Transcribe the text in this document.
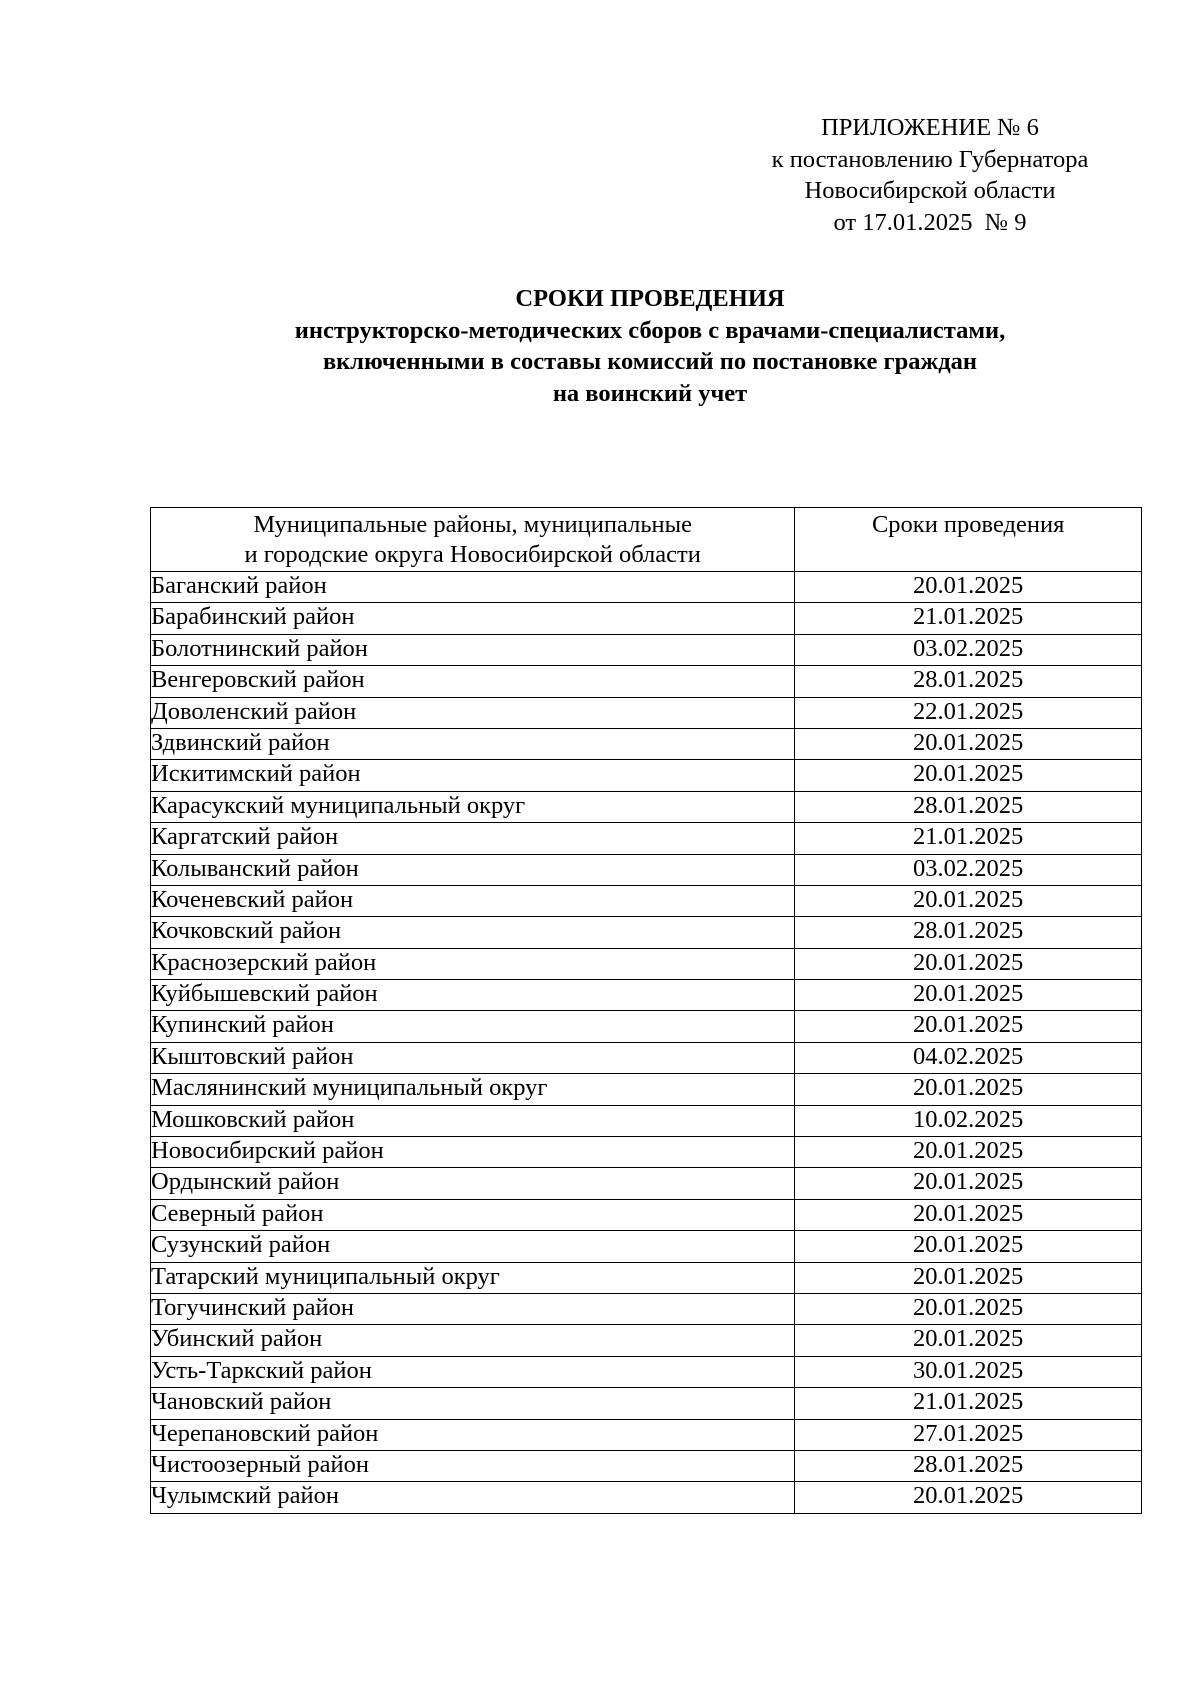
ПРИЛОЖЕНИЕ № 6
к постановлению Губернатора
Новосибирской области
от 17.01.2025  № 9
СРОКИ ПРОВЕДЕНИЯ
инструкторско-методических сборов с врачами-специалистами,
включенными в составы комиссий по постановке граждан
на воинский учет
Муниципальные районы, муниципальные
и городские округа Новосибирской области	Сроки проведения
Баганский район	20.01.2025
Барабинский район	21.01.2025
Болотнинский район	03.02.2025
Венгеровский район	28.01.2025
Доволенский район	22.01.2025
Здвинский район	20.01.2025
Искитимский район	20.01.2025
Карасукский муниципальный округ	28.01.2025
Каргатский район	21.01.2025
Колыванский район	03.02.2025
Коченевский район	20.01.2025
Кочковский район	28.01.2025
Краснозерский район	20.01.2025
Куйбышевский район	20.01.2025
Купинский район	20.01.2025
Кыштовский район	04.02.2025
Маслянинский муниципальный округ	20.01.2025
Мошковский район	10.02.2025
Новосибирский район	20.01.2025
Ордынский район	20.01.2025
Северный район	20.01.2025
Сузунский район	20.01.2025
Татарский муниципальный округ	20.01.2025
Тогучинский район	20.01.2025
Убинский район	20.01.2025
Усть-Таркский район	30.01.2025
Чановский район	21.01.2025
Черепановский район	27.01.2025
Чистоозерный район	28.01.2025
Чулымский район	20.01.2025
